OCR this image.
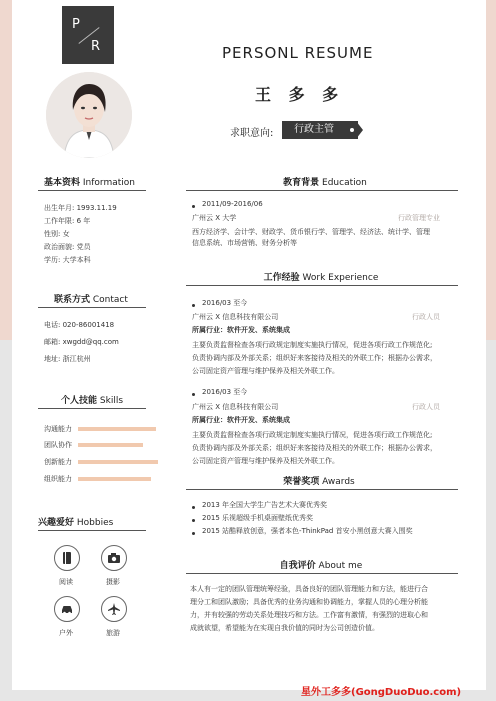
P
R	PERSONL RESUME
王 多 多
求职意向:	行政主管
基本资料 Information
出生年月: 1993.11.19
工作年限: 6 年
性别: 女
政治面貌: 党员
学历: 大学本科
联系方式 Contact
电话: 020-86001418
邮箱: xwgdd@qq.com
地址: 浙江杭州
个人技能 Skills
沟通能力
团队协作
创新能力
组织能力
兴趣爱好 Hobbies
阅读	摄影
户外	旅游
教育背景 Education
2011/09-2016/06
广州云 X 大学	行政管理专业
西方经济学、会计学、财政学、货币银行学、管理学、经济法、统计学、管理
信息系统、市场营销、财务分析等
工作经验 Work Experience
2016/03 至今
广州云 X 信息科技有限公司	行政人员
所属行业：软件开发、系统集成
主要负责监督检查各项行政规定制度实施执行情况，促进各项行政工作规范化;
负责协调内部及外部关系；组织好来客接待及相关的外联工作；根据办公需求，
公司固定资产管理与维护保养及相关外联工作。
2016/03 至今
广州云 X 信息科技有限公司	行政人员
所属行业：软件开发、系统集成
主要负责监督检查各项行政规定制度实施执行情况，促进各项行政工作规范化;
负责协调内部及外部关系；组织好来客接待及相关的外联工作；根据办公需求，
公司固定资产管理与维护保养及相关外联工作。
荣誉奖项 Awards
2013 年全国大学生广告艺术大赛优秀奖
2015 乐视超级手机桌面壁纸优秀奖
2015 站酷释放创意，强者本色-ThinkPad 首安小黑创意大赛入围奖
自我评价 About me
本人有一定的团队管理统筹经验，具备良好的团队管理能力和方法，能进行合
理分工和团队激励；具备优秀的业务沟通和协调能力，掌握人员的心理分析能
力，并有较强的劳动关系处理技巧和方法。工作富有激情，有强烈的进取心和
成就欲望，希望能为在实现自我价值的同时为公司创造价值。
星外工多多(GongDuoDuo.com)
